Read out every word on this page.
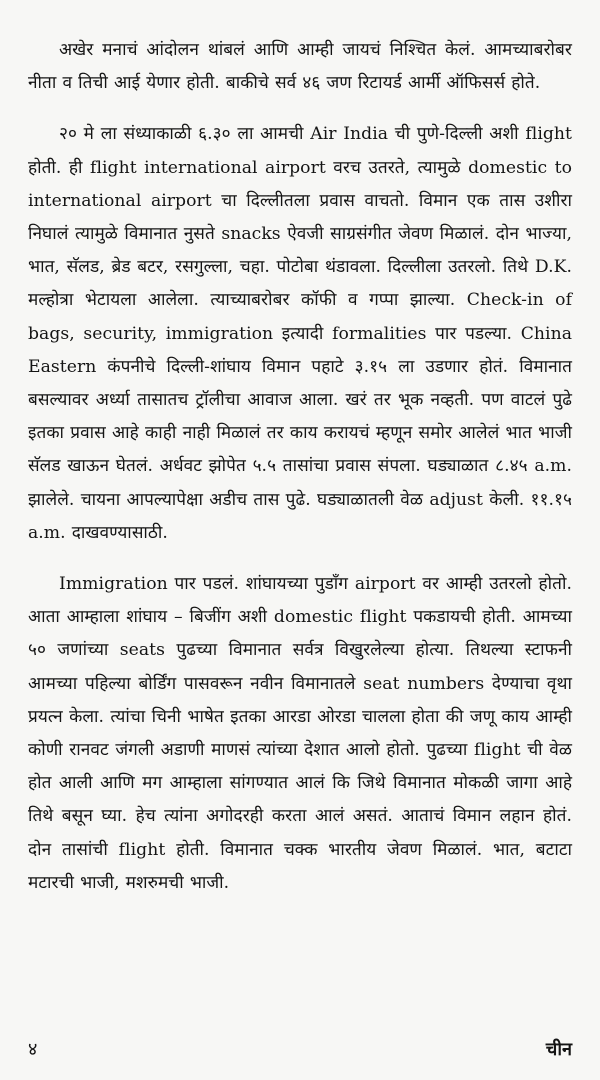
अखेर मनाचं आंदोलन थांबलं आणि आम्ही जायचं निश्चित केलं. आमच्याबरोबर नीता व तिची आई येणार होती. बाकीचे सर्व ४६ जण रिटायर्ड आर्मी ऑफिसर्स होते.

२० मे ला संध्याकाळी ६.३० ला आमची Air India ची पुणे-दिल्ली अशी flight होती. ही flight international airport वरच उतरते, त्यामुळे domestic to international airport चा दिल्लीतला प्रवास वाचतो. विमान एक तास उशीरा निघालं त्यामुळे विमानात नुसते snacks ऐवजी साग्रसंगीत जेवण मिळालं. दोन भाज्या, भात, सॅलड, ब्रेड बटर, रसगुल्ला, चहा. पोटोबा थंडावला. दिल्लीला उतरलो. तिथे D.K. मल्होत्रा भेटायला आलेला. त्याच्याबरोबर कॉफी व गप्पा झाल्या. Check-in of bags, security, immigration इत्यादी formalities पार पडल्या. China Eastern कंपनीचे दिल्ली-शांघाय विमान पहाटे ३.१५ ला उडणार होतं. विमानात बसल्यावर अर्ध्या तासातच ट्रॉलीचा आवाज आला. खरं तर भूक नव्हती. पण वाटलं पुढे इतका प्रवास आहे काही नाही मिळालं तर काय करायचं म्हणून समोर आलेलं भात भाजी सॅलड खाऊन घेतलं. अर्धवट झोपेत ५.५ तासांचा प्रवास संपला. घड्याळात ८.४५ a.m. झालेले. चायना आपल्यापेक्षा अडीच तास पुढे. घड्याळातली वेळ adjust केली. ११.१५ a.m. दाखवण्यासाठी.

Immigration पार पडलं. शांघायच्या पुडाँग airport वर आम्ही उतरलो होतो. आता आम्हाला शांघाय – बिजींग अशी domestic flight पकडायची होती. आमच्या ५० जणांच्या seats पुढच्या विमानात सर्वत्र विखुरलेल्या होत्या. तिथल्या स्टाफनी आमच्या पहिल्या बोर्डिंग पासवरून नवीन विमानातले seat numbers देण्याचा वृथा प्रयत्न केला. त्यांचा चिनी भाषेत इतका आरडा ओरडा चालला होता की जणू काय आम्ही कोणी रानवट जंगली अडाणी माणसं त्यांच्या देशात आलो होतो. पुढच्या flight ची वेळ होत आली आणि मग आम्हाला सांगण्यात आलं कि जिथे विमानात मोकळी जागा आहे तिथे बसून घ्या. हेच त्यांना अगोदरही करता आलं असतं. आताचं विमान लहान होतं. दोन तासांची flight होती. विमानात चक्क भारतीय जेवण मिळालं. भात, बटाटा मटारची भाजी, मशरुमची भाजी.

४	चीन
